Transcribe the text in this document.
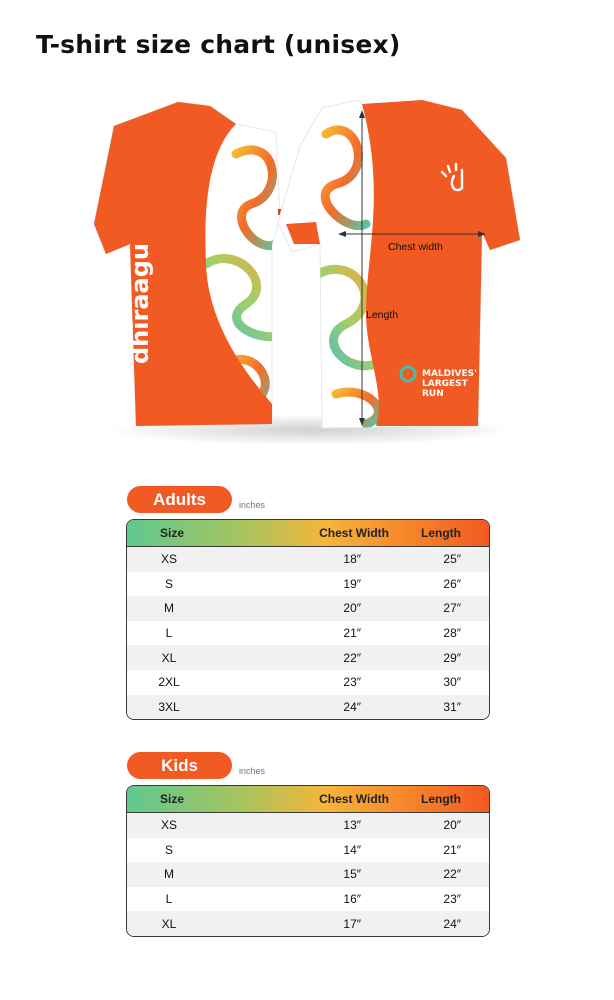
T-shirt size chart (unisex)
dhiraagu	Chest width
Length
MALDIVES'
LARGEST
RUN
Adults	inches
Size	Chest Width	Length
XS	18″	25″
S	19″	26″
M	20″	27″
L	21″	28″
XL	22″	29″
2XL	23″	30″
3XL	24″	31″
Kids	inches
Size	Chest Width	Length
XS	13″	20″
S	14″	21″
M	15″	22″
L	16″	23″
XL	17″	24″
